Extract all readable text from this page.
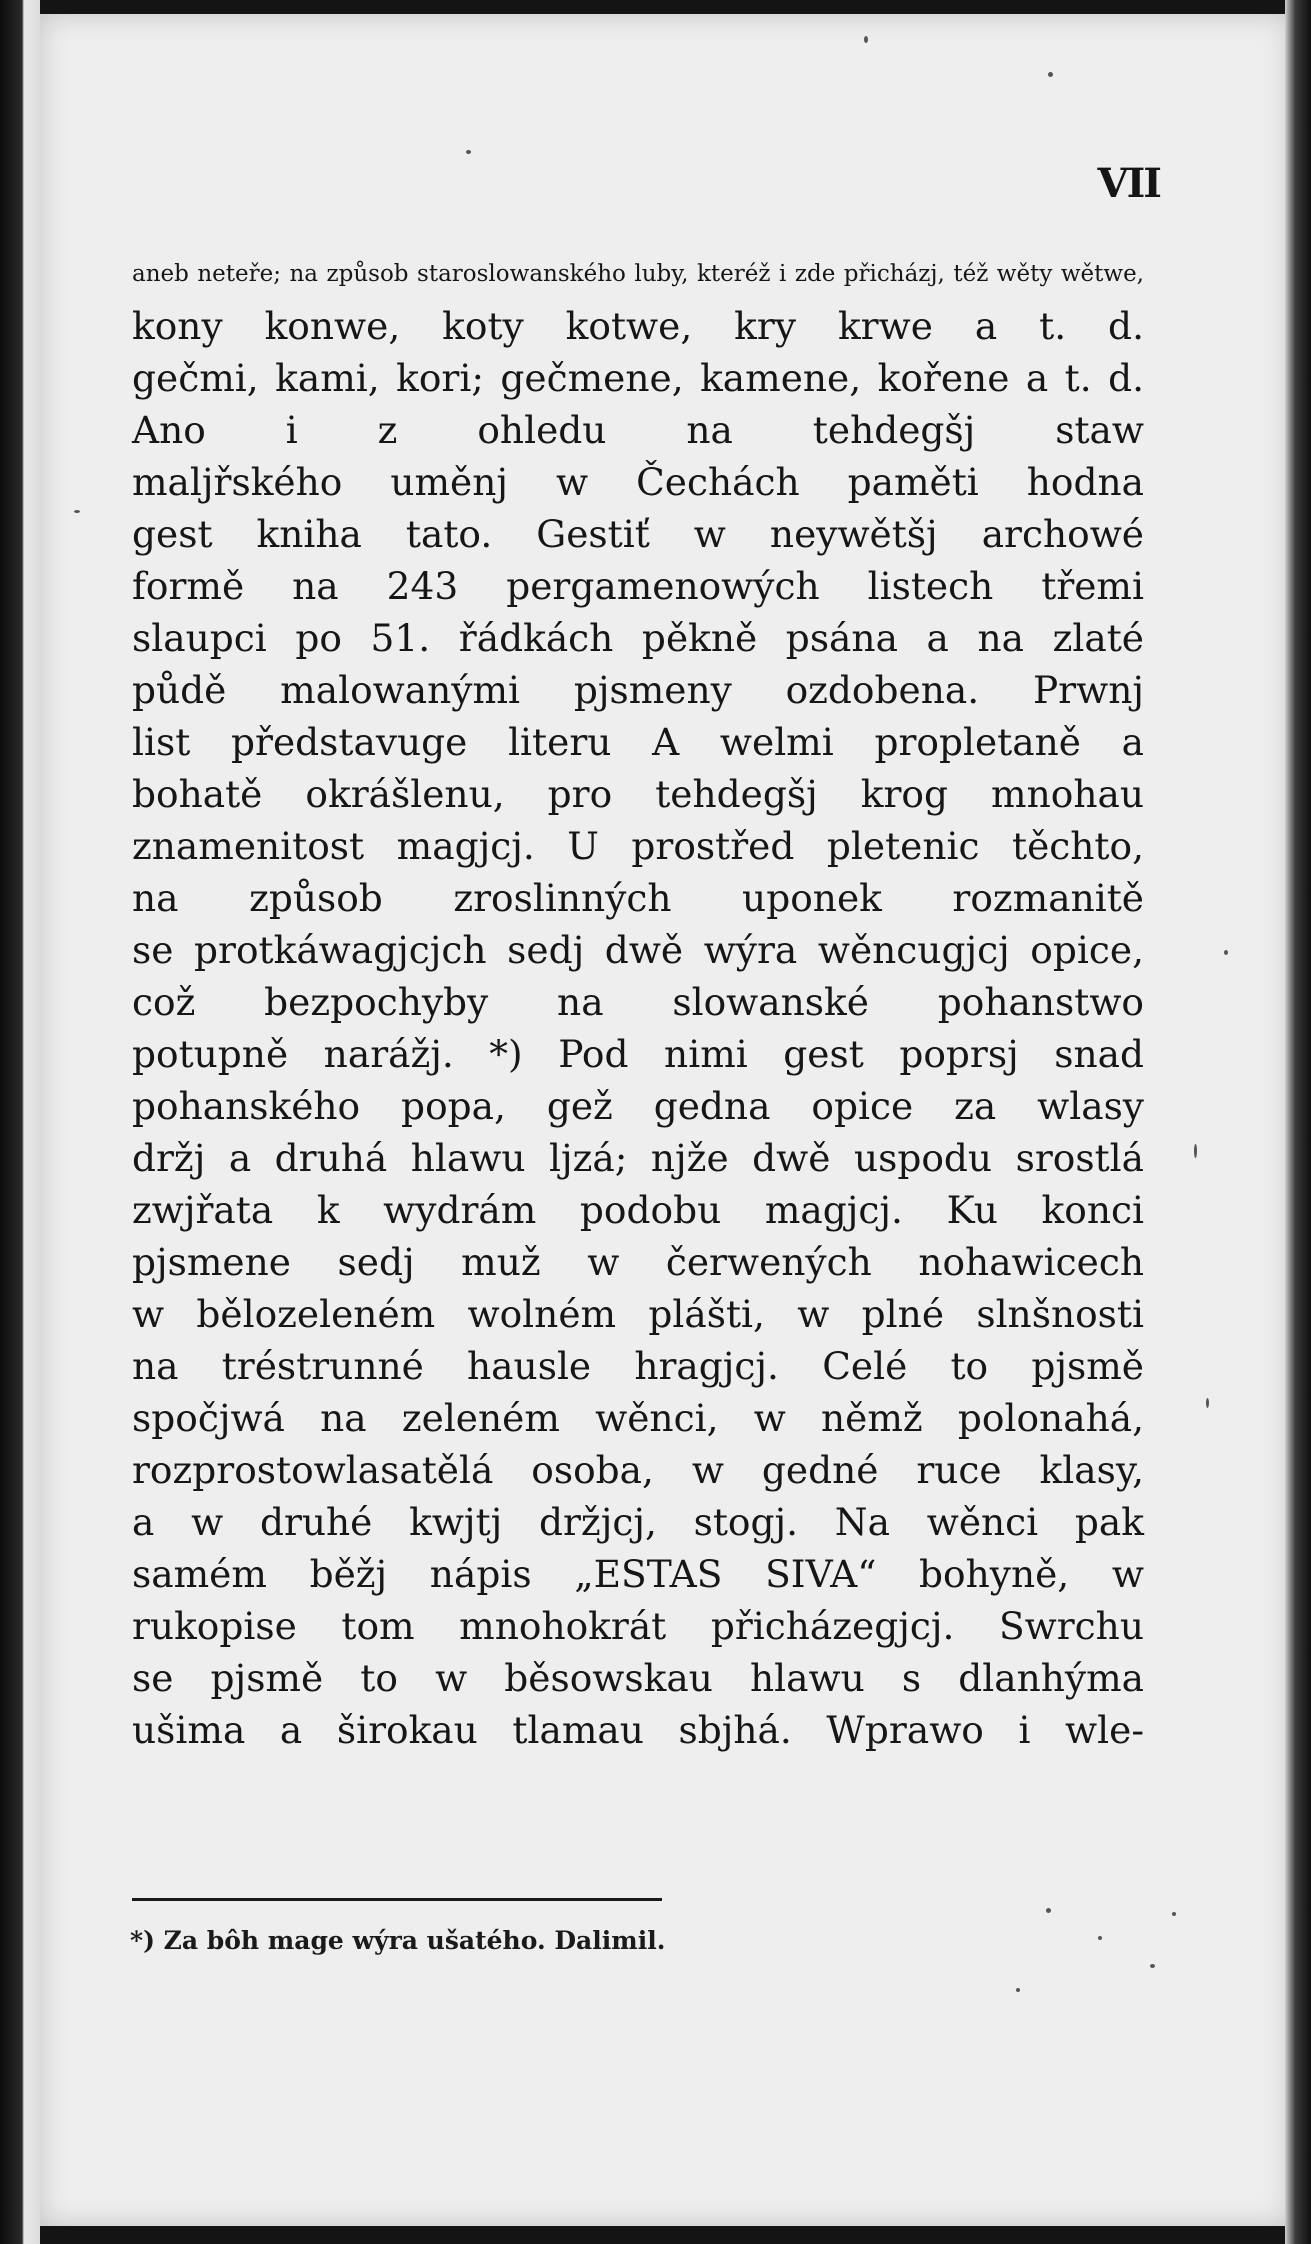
VII
aneb neteře; na způsob staroslowanského luby, kteréž i zde přicházj, též wěty wětwe,
kony konwe, koty kotwe, kry krwe a t. d.
gečmi, kami, kori; gečmene, kamene, kořene a t. d.
Ano i z ohledu na tehdegšj staw
maljřského uměnj w Čechách paměti hodna
gest kniha tato. Gestiť w neywětšj archowé
formě na 243 pergamenowých listech třemi
slaupci po 51. řádkách pěkně psána a na zlaté
půdě malowanými pjsmeny ozdobena. Prwnj
list představuge literu A welmi propletaně a
bohatě okrášlenu, pro tehdegšj krog mnohau
znamenitost magjcj. U prostřed pletenic těchto,
na způsob zroslinných uponek rozmanitě
se protkáwagjcjch sedj dwě wýra wěncugjcj opice,
což bezpochyby na slowanské pohanstwo
potupně narážj. *) Pod nimi gest poprsj snad
pohanského popa, gež gedna opice za wlasy
držj a druhá hlawu ljzá; njže dwě uspodu srostlá
zwjřata k wydrám podobu magjcj. Ku konci
pjsmene sedj muž w čerwených nohawicech
w bělozeleném wolném plášti, w plné slnšnosti
na tréstrunné hausle hragjcj. Celé to pjsmě
spočjwá na zeleném wěnci, w němž polonahá,
rozprostowlasatělá osoba, w gedné ruce klasy,
a w druhé kwjtj držjcj, stogj. Na wěnci pak
samém běžj nápis „ESTAS SIVA“ bohyně, w
rukopise tom mnohokrát přicházegjcj. Swrchu
se pjsmě to w běsowskau hlawu s dlanhýma
ušima a širokau tlamau sbjhá. Wprawo i wle-
*) Za bôh mage wýra ušatého. Dalimil.
